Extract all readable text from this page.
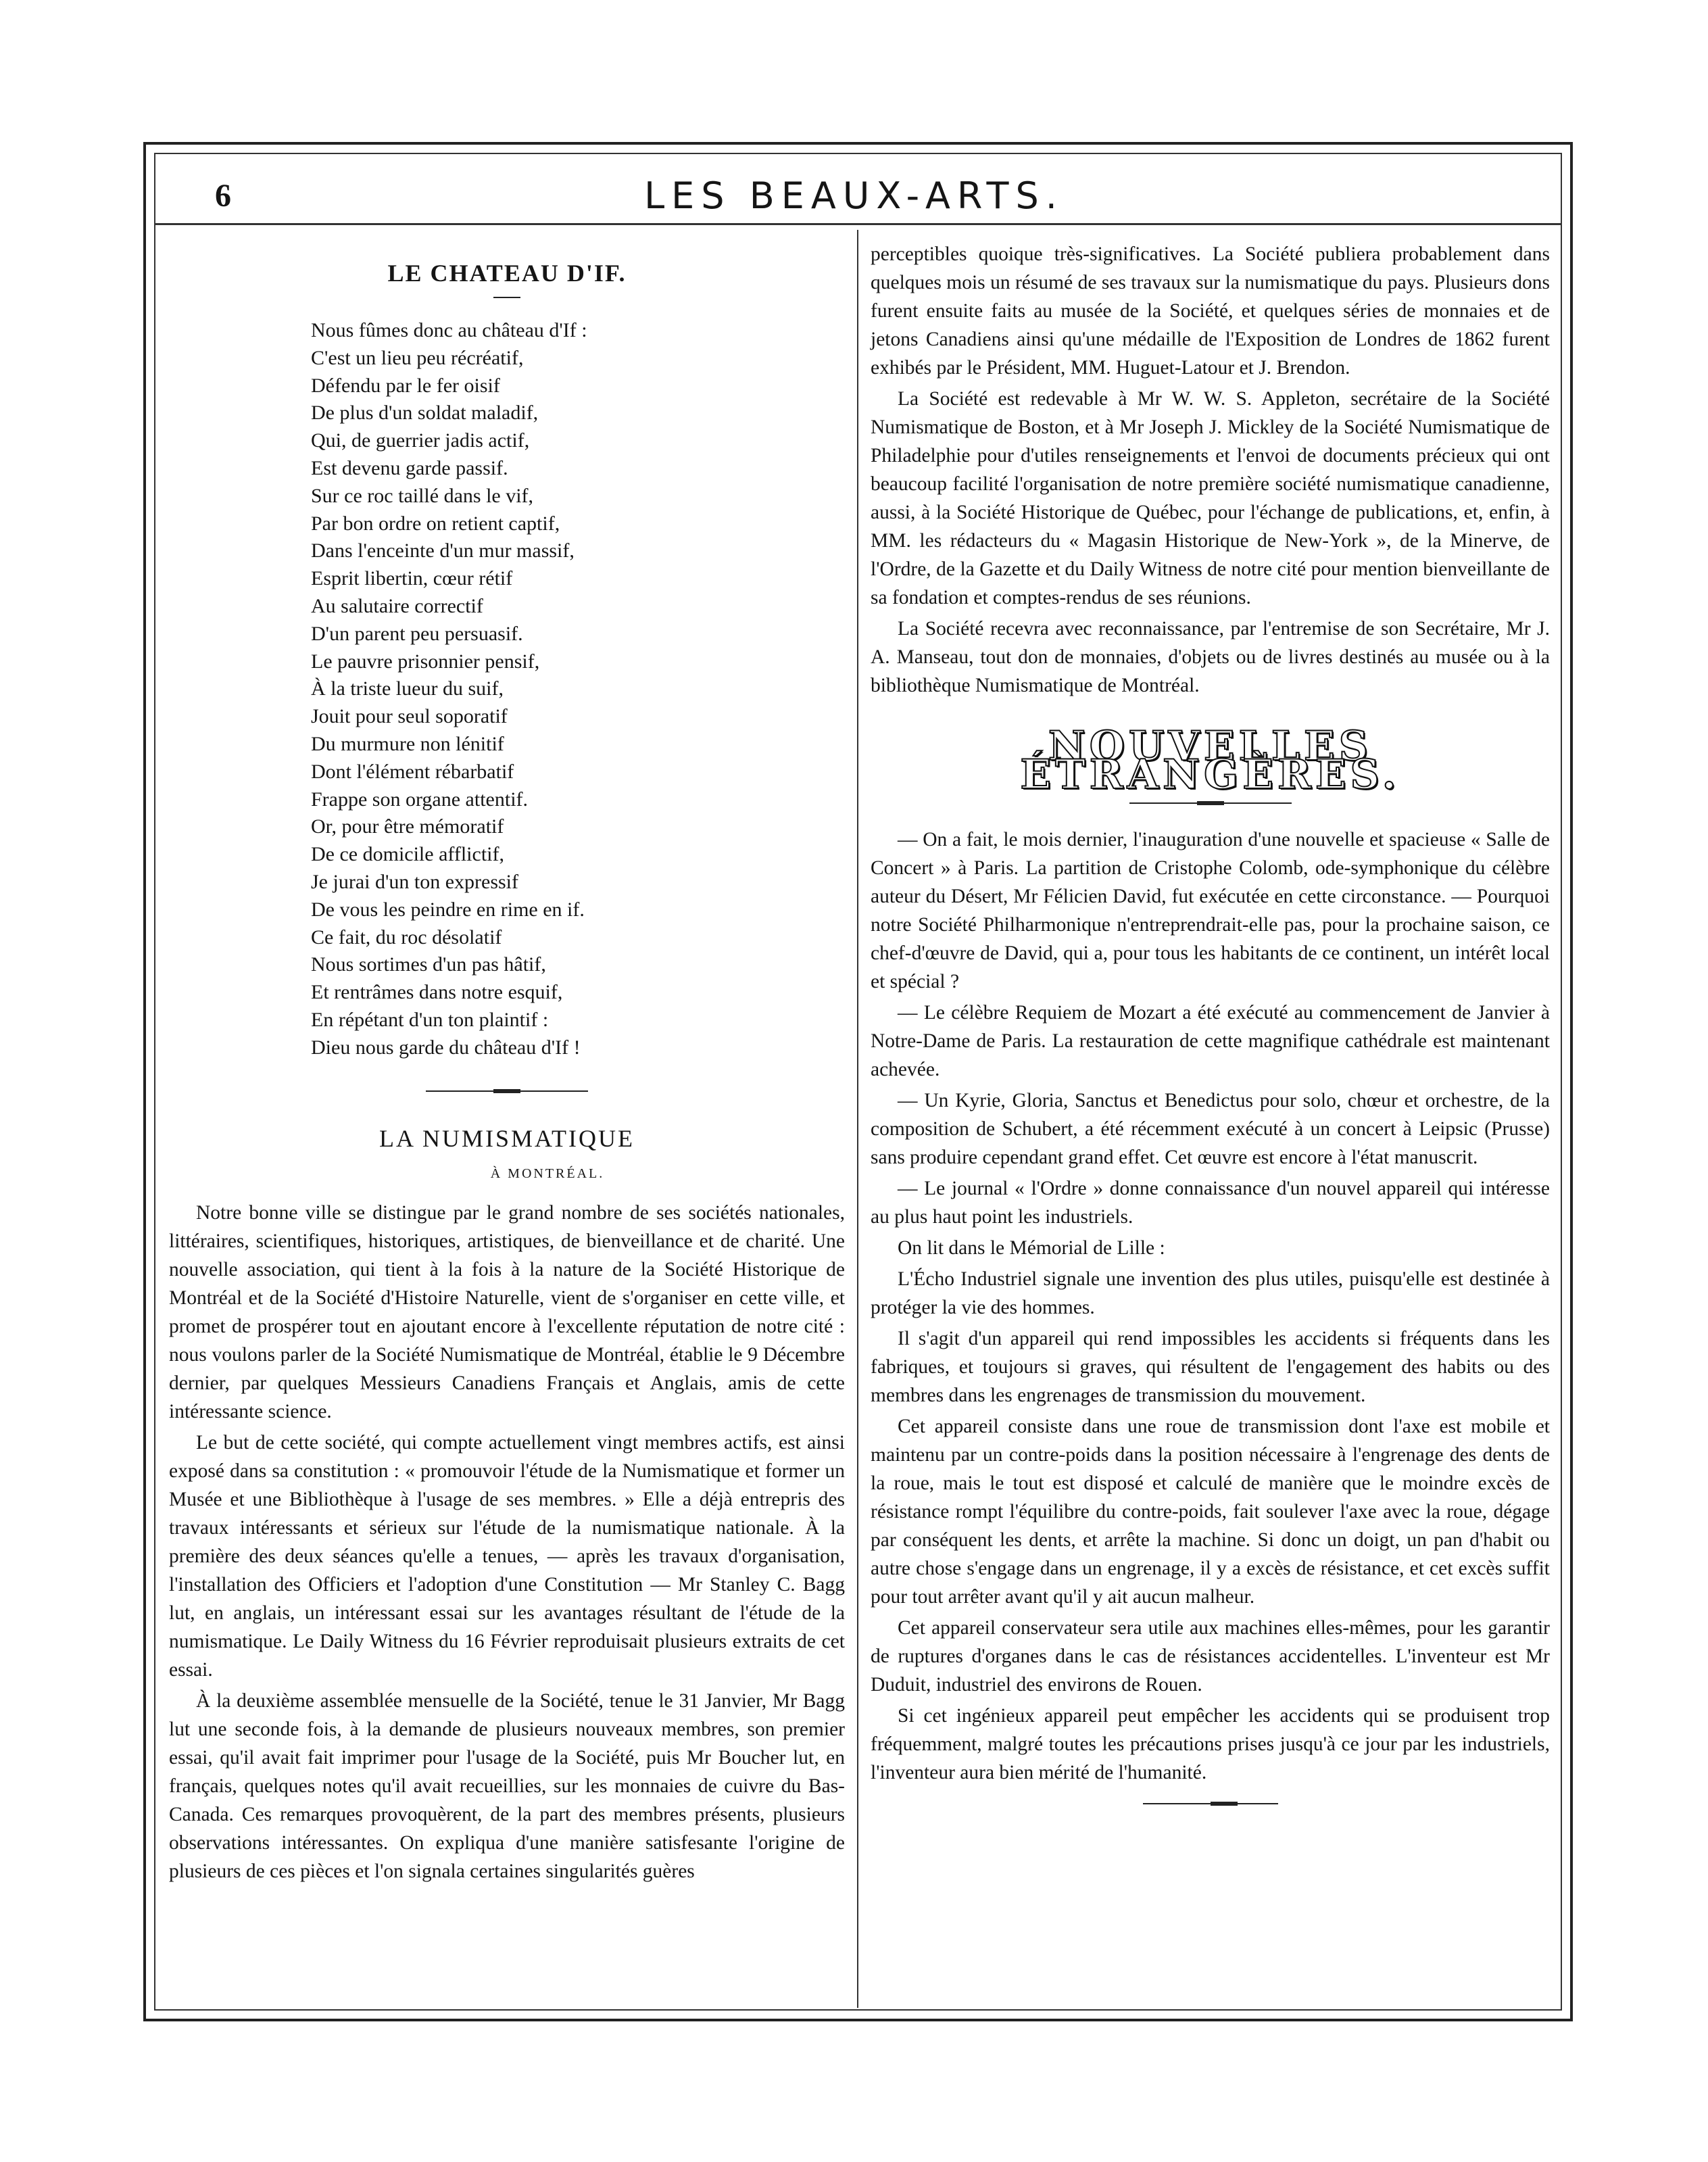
6	LES BEAUX-ARTS.
LE CHATEAU D'IF.
Nous fûmes donc au château d'If :
C'est un lieu peu récréatif,
Défendu par le fer oisif
De plus d'un soldat maladif,
Qui, de guerrier jadis actif,
Est devenu garde passif.
Sur ce roc taillé dans le vif,
Par bon ordre on retient captif,
Dans l'enceinte d'un mur massif,
Esprit libertin, cœur rétif
Au salutaire correctif
D'un parent peu persuasif.
Le pauvre prisonnier pensif,
À la triste lueur du suif,
Jouit pour seul soporatif
Du murmure non lénitif
Dont l'élément rébarbatif
Frappe son organe attentif.
Or, pour être mémoratif
De ce domicile afflictif,
Je jurai d'un ton expressif
De vous les peindre en rime en if.
Ce fait, du roc désolatif
Nous sortimes d'un pas hâtif,
Et rentrâmes dans notre esquif,
En répétant d'un ton plaintif :
Dieu nous garde du château d'If !
LA NUMISMATIQUE
À MONTRÉAL.

Notre bonne ville se distingue par le grand nombre de ses sociétés nationales, littéraires, scientifiques, historiques, artistiques, de bienveillance et de charité. Une nouvelle association, qui tient à la fois à la nature de la Société Historique de Montréal et de la Société d'Histoire Naturelle, vient de s'organiser en cette ville, et promet de prospérer tout en ajoutant encore à l'excellente réputation de notre cité : nous voulons parler de la Société Numismatique de Montréal, établie le 9 Décembre dernier, par quelques Messieurs Canadiens Français et Anglais, amis de cette intéressante science.

Le but de cette société, qui compte actuellement vingt membres actifs, est ainsi exposé dans sa constitution : « promouvoir l'étude de la Numismatique et former un Musée et une Bibliothèque à l'usage de ses membres. » Elle a déjà entrepris des travaux intéressants et sérieux sur l'étude de la numismatique nationale. À la première des deux séances qu'elle a tenues, — après les travaux d'organisation, l'installation des Officiers et l'adoption d'une Constitution — Mr Stanley C. Bagg lut, en anglais, un intéressant essai sur les avantages résultant de l'étude de la numismatique. Le Daily Witness du 16 Février reproduisait plusieurs extraits de cet essai.

À la deuxième assemblée mensuelle de la Société, tenue le 31 Janvier, Mr Bagg lut une seconde fois, à la demande de plusieurs nouveaux membres, son premier essai, qu'il avait fait imprimer pour l'usage de la Société, puis Mr Boucher lut, en français, quelques notes qu'il avait recueillies, sur les monnaies de cuivre du Bas-Canada. Ces remarques provoquèrent, de la part des membres présents, plusieurs observations intéressantes. On expliqua d'une manière satisfesante l'origine de plusieurs de ces pièces et l'on signala certaines singularités guères

perceptibles quoique très-significatives. La Société publiera probablement dans quelques mois un résumé de ses travaux sur la numismatique du pays. Plusieurs dons furent ensuite faits au musée de la Société, et quelques séries de monnaies et de jetons Canadiens ainsi qu'une médaille de l'Exposition de Londres de 1862 furent exhibés par le Président, MM. Huguet-Latour et J. Brendon.

La Société est redevable à Mr W. W. S. Appleton, secrétaire de la Société Numismatique de Boston, et à Mr Joseph J. Mickley de la Société Numismatique de Philadelphie pour d'utiles renseignements et l'envoi de documents précieux qui ont beaucoup facilité l'organisation de notre première société numismatique canadienne, aussi, à la Société Historique de Québec, pour l'échange de publications, et, enfin, à MM. les rédacteurs du « Magasin Historique de New-York », de la Minerve, de l'Ordre, de la Gazette et du Daily Witness de notre cité pour mention bienveillante de sa fondation et comptes-rendus de ses réunions.

La Société recevra avec reconnaissance, par l'entremise de son Secrétaire, Mr J. A. Manseau, tout don de monnaies, d'objets ou de livres destinés au musée ou à la bibliothèque Numismatique de Montréal.

NOUVELLES ÉTRANGÈRES.

— On a fait, le mois dernier, l'inauguration d'une nouvelle et spacieuse « Salle de Concert » à Paris. La partition de Cristophe Colomb, ode-symphonique du célèbre auteur du Désert, Mr Félicien David, fut exécutée en cette circonstance. — Pourquoi notre Société Philharmonique n'entreprendrait-elle pas, pour la prochaine saison, ce chef-d'œuvre de David, qui a, pour tous les habitants de ce continent, un intérêt local et spécial ?

— Le célèbre Requiem de Mozart a été exécuté au commencement de Janvier à Notre-Dame de Paris. La restauration de cette magnifique cathédrale est maintenant achevée.

— Un Kyrie, Gloria, Sanctus et Benedictus pour solo, chœur et orchestre, de la composition de Schubert, a été récemment exécuté à un concert à Leipsic (Prusse) sans produire cependant grand effet. Cet œuvre est encore à l'état manuscrit.

— Le journal « l'Ordre » donne connaissance d'un nouvel appareil qui intéresse au plus haut point les industriels.

On lit dans le Mémorial de Lille :

L'Écho Industriel signale une invention des plus utiles, puisqu'elle est destinée à protéger la vie des hommes.

Il s'agit d'un appareil qui rend impossibles les accidents si fréquents dans les fabriques, et toujours si graves, qui résultent de l'engagement des habits ou des membres dans les engrenages de transmission du mouvement.

Cet appareil consiste dans une roue de transmission dont l'axe est mobile et maintenu par un contre-poids dans la position nécessaire à l'engrenage des dents de la roue, mais le tout est disposé et calculé de manière que le moindre excès de résistance rompt l'équilibre du contre-poids, fait soulever l'axe avec la roue, dégage par conséquent les dents, et arrête la machine. Si donc un doigt, un pan d'habit ou autre chose s'engage dans un engrenage, il y a excès de résistance, et cet excès suffit pour tout arrêter avant qu'il y ait aucun malheur.

Cet appareil conservateur sera utile aux machines elles-mêmes, pour les garantir de ruptures d'organes dans le cas de résistances accidentelles. L'inventeur est Mr Duduit, industriel des environs de Rouen.

Si cet ingénieux appareil peut empêcher les accidents qui se produisent trop fréquemment, malgré toutes les précautions prises jusqu'à ce jour par les industriels, l'inventeur aura bien mérité de l'humanité.
